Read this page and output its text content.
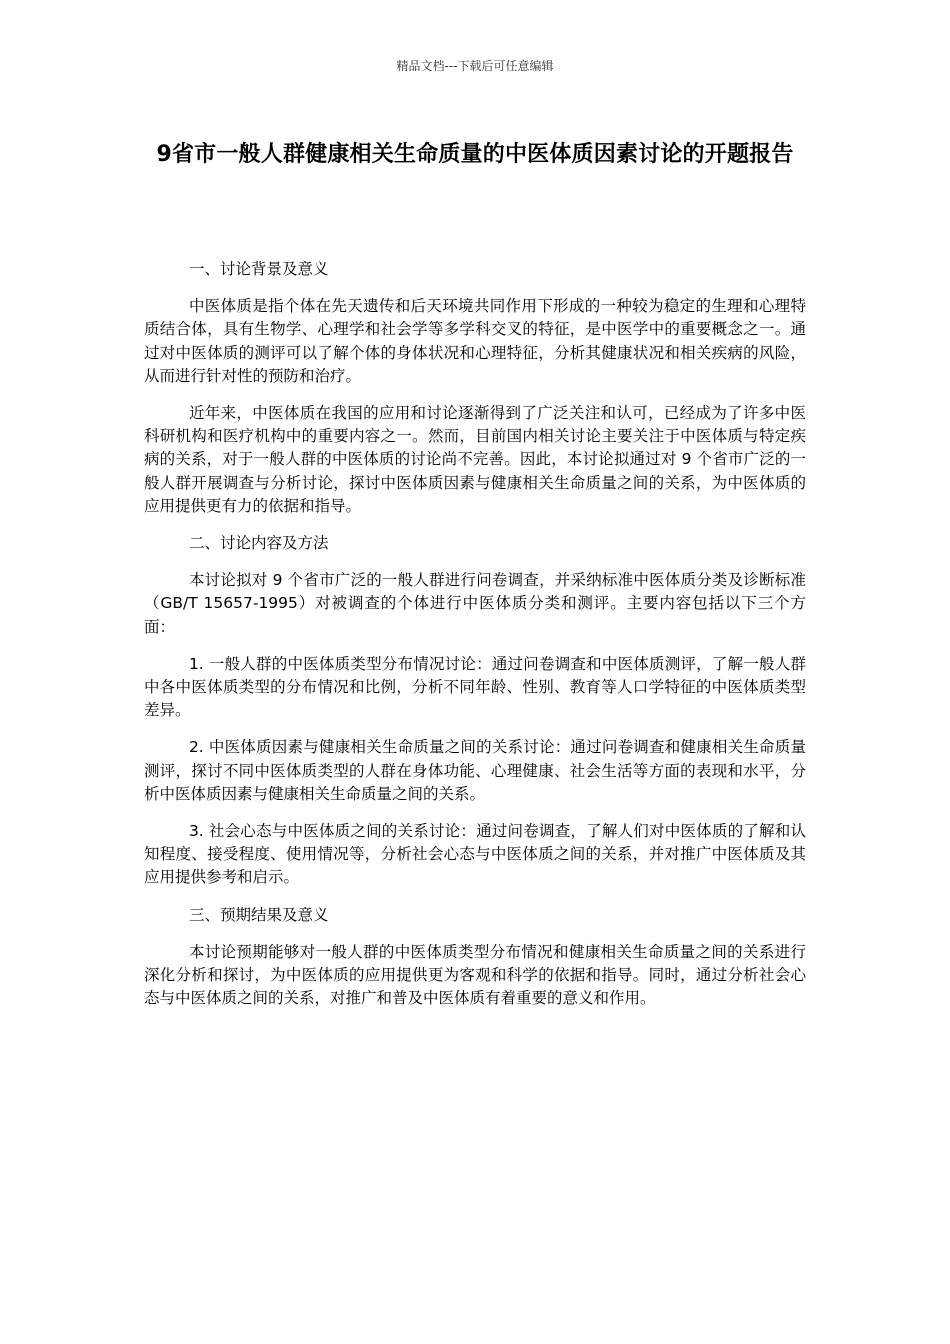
精品文档---下载后可任意编辑
9省市一般人群健康相关生命质量的中医体质因素讨论的开题报告

一、讨论背景及意义

中医体质是指个体在先天遗传和后天环境共同作用下形成的一种较为稳定的生理和心理特质结合体，具有生物学、心理学和社会学等多学科交叉的特征，是中医学中的重要概念之一。通过对中医体质的测评可以了解个体的身体状况和心理特征，分析其健康状况和相关疾病的风险，从而进行针对性的预防和治疗。

近年来，中医体质在我国的应用和讨论逐渐得到了广泛关注和认可，已经成为了许多中医科研机构和医疗机构中的重要内容之一。然而，目前国内相关讨论主要关注于中医体质与特定疾病的关系，对于一般人群的中医体质的讨论尚不完善。因此，本讨论拟通过对 9 个省市广泛的一般人群开展调查与分析讨论，探讨中医体质因素与健康相关生命质量之间的关系，为中医体质的应用提供更有力的依据和指导。

二、讨论内容及方法

本讨论拟对 9 个省市广泛的一般人群进行问卷调查，并采纳标准中医体质分类及诊断标准（GB/T 15657-1995）对被调查的个体进行中医体质分类和测评。主要内容包括以下三个方面：

1. 一般人群的中医体质类型分布情况讨论：通过问卷调查和中医体质测评，了解一般人群中各中医体质类型的分布情况和比例，分析不同年龄、性别、教育等人口学特征的中医体质类型差异。

2. 中医体质因素与健康相关生命质量之间的关系讨论：通过问卷调查和健康相关生命质量测评，探讨不同中医体质类型的人群在身体功能、心理健康、社会生活等方面的表现和水平，分析中医体质因素与健康相关生命质量之间的关系。

3. 社会心态与中医体质之间的关系讨论：通过问卷调查，了解人们对中医体质的了解和认知程度、接受程度、使用情况等，分析社会心态与中医体质之间的关系，并对推广中医体质及其应用提供参考和启示。

三、预期结果及意义

本讨论预期能够对一般人群的中医体质类型分布情况和健康相关生命质量之间的关系进行深化分析和探讨，为中医体质的应用提供更为客观和科学的依据和指导。同时，通过分析社会心态与中医体质之间的关系，对推广和普及中医体质有着重要的意义和作用。
